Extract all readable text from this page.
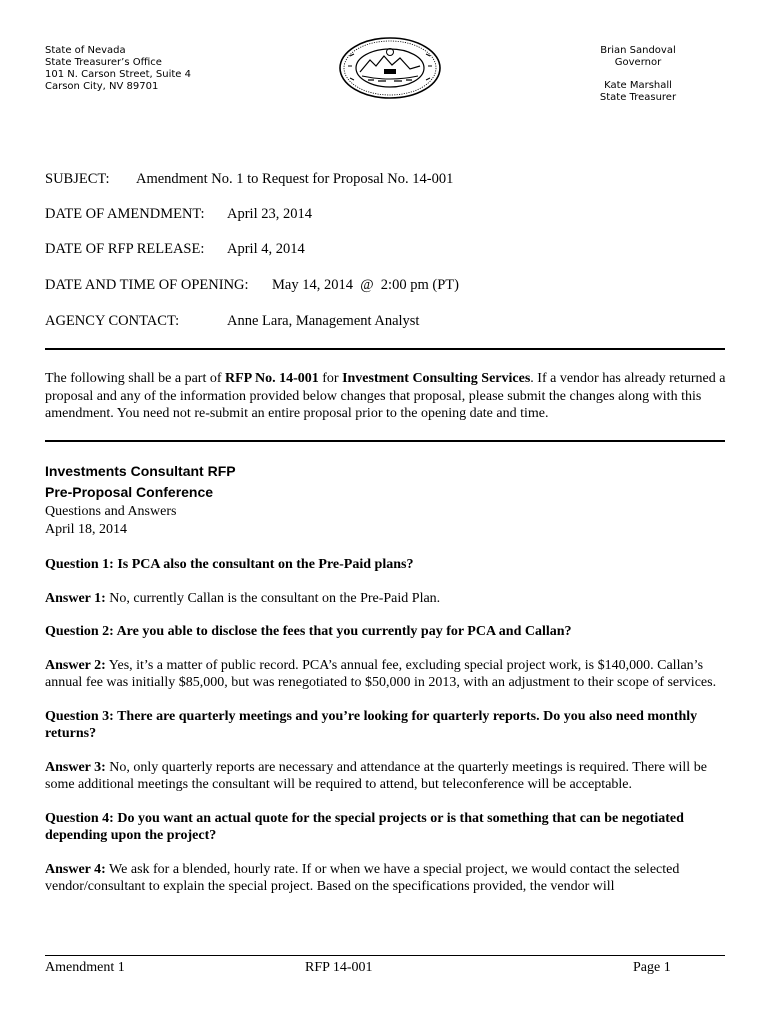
State of Nevada
State Treasurer’s Office
101 N. Carson Street, Suite 4
Carson City, NV 89701
Brian Sandoval
Governor
Kate Marshall
State Treasurer
SUBJECT: Amendment No. 1 to Request for Proposal No. 14-001
DATE OF AMENDMENT: April 23, 2014
DATE OF RFP RELEASE: April 4, 2014
DATE AND TIME OF OPENING: May 14, 2014  @  2:00 pm (PT)
AGENCY CONTACT:	Anne Lara, Management Analyst
The following shall be a part of RFP No. 14-001 for Investment Consulting Services. If a vendor has already returned a proposal and any of the information provided below changes that proposal, please submit the changes along with this amendment. You need not re-submit an entire proposal prior to the opening date and time.
Investments Consultant RFP
Pre-Proposal Conference
Questions and Answers
April 18, 2014
Question 1: Is PCA also the consultant on the Pre-Paid plans?
Answer 1: No, currently Callan is the consultant on the Pre-Paid Plan.
Question 2: Are you able to disclose the fees that you currently pay for PCA and Callan?
Answer 2: Yes, it’s a matter of public record. PCA’s annual fee, excluding special project work, is $140,000. Callan’s annual fee was initially $85,000, but was renegotiated to $50,000 in 2013, with an adjustment to their scope of services.
Question 3: There are quarterly meetings and you’re looking for quarterly reports. Do you also need monthly returns?
Answer 3: No, only quarterly reports are necessary and attendance at the quarterly meetings is required. There will be some additional meetings the consultant will be required to attend, but teleconference will be acceptable.
Question 4: Do you want an actual quote for the special projects or is that something that can be negotiated depending upon the project?
Answer 4: We ask for a blended, hourly rate. If or when we have a special project, we would contact the selected vendor/consultant to explain the special project. Based on the specifications provided, the vendor will
Amendment 1	RFP 14-001	Page 1
